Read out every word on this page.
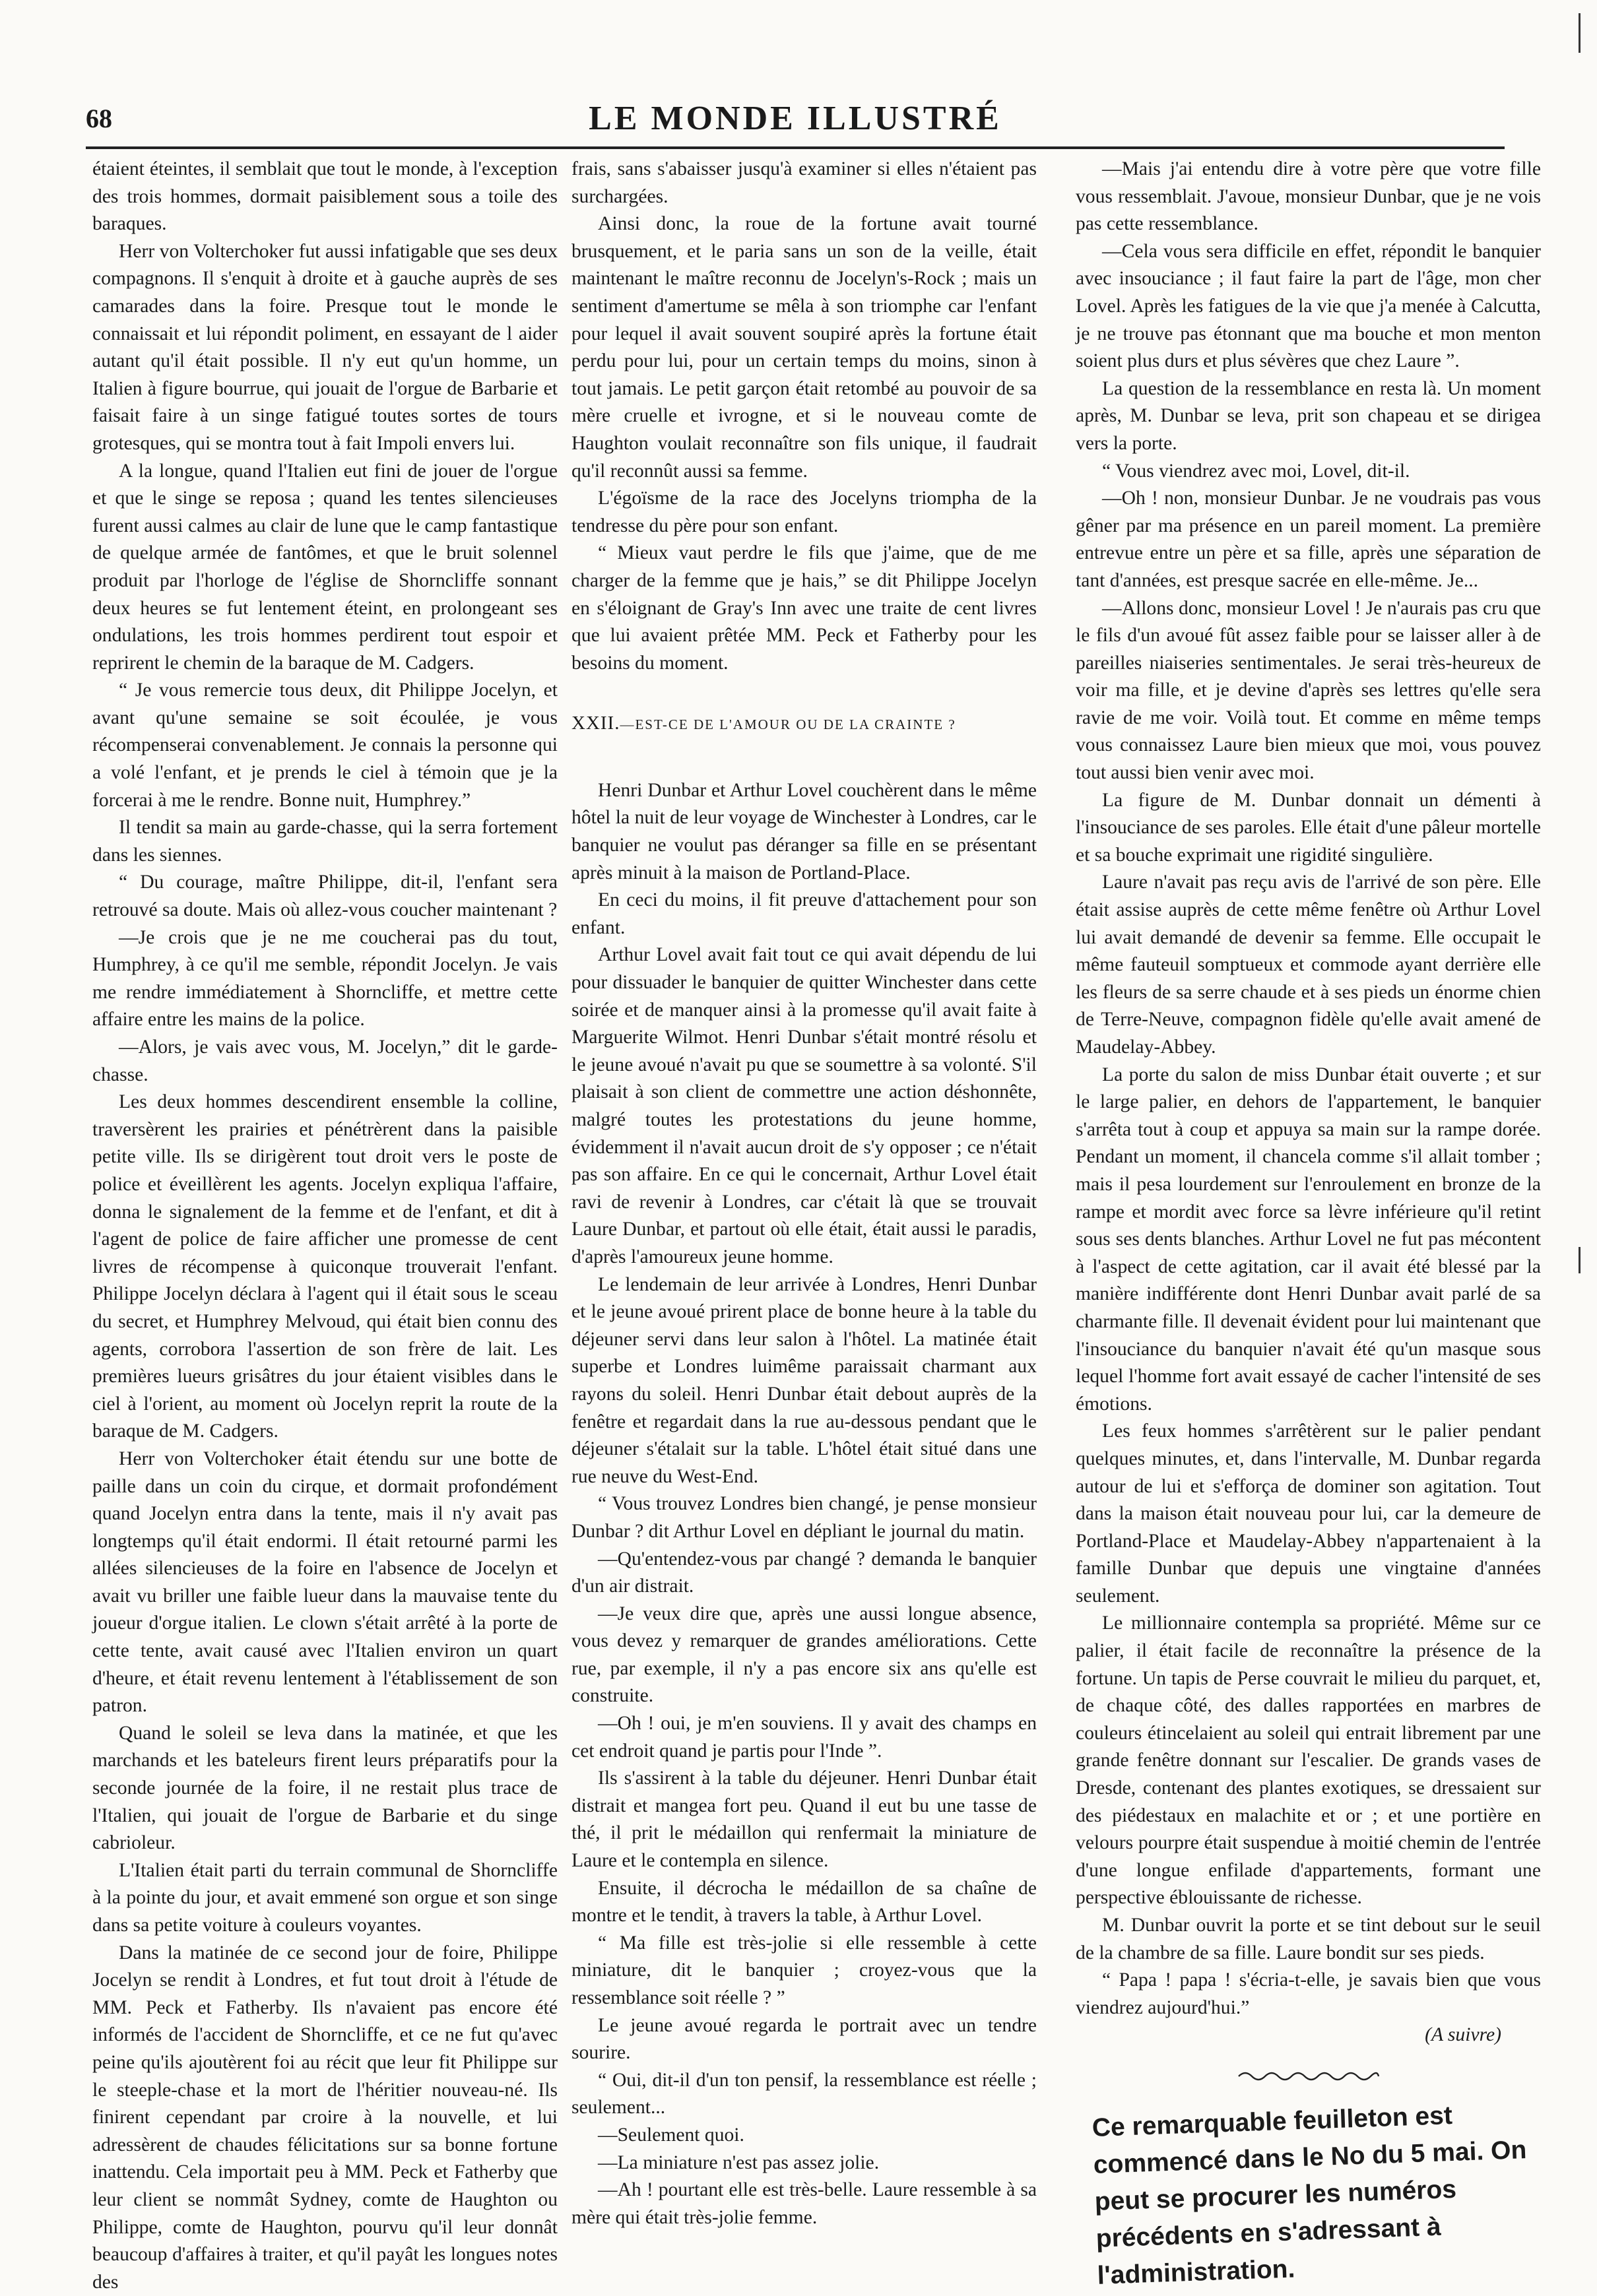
68	LE MONDE ILLUSTRÉ

étaient éteintes, il semblait que tout le monde, à l'exception des trois hommes, dormait paisiblement sous a toile des baraques.

Herr von Volterchoker fut aussi infatigable que ses deux compagnons. Il s'enquit à droite et à gauche auprès de ses camarades dans la foire. Presque tout le monde le connaissait et lui répondit poliment, en essayant de l aider autant qu'il était possible. Il n'y eut qu'un homme, un Italien à figure bourrue, qui jouait de l'orgue de Barbarie et faisait faire à un singe fatigué toutes sortes de tours grotesques, qui se montra tout à fait Impoli envers lui.

A la longue, quand l'Italien eut fini de jouer de l'orgue et que le singe se reposa ; quand les tentes silencieuses furent aussi calmes au clair de lune que le camp fantastique de quelque armée de fantômes, et que le bruit solennel produit par l'horloge de l'église de Shorncliffe sonnant deux heures se fut lentement éteint, en prolongeant ses ondulations, les trois hommes perdirent tout espoir et reprirent le chemin de la baraque de M. Cadgers.

“ Je vous remercie tous deux, dit Philippe Jocelyn, et avant qu'une semaine se soit écoulée, je vous récompenserai convenablement. Je connais la personne qui a volé l'enfant, et je prends le ciel à témoin que je la forcerai à me le rendre. Bonne nuit, Humphrey.”

Il tendit sa main au garde-chasse, qui la serra fortement dans les siennes.

“ Du courage, maître Philippe, dit-il, l'enfant sera retrouvé sa doute. Mais où allez-vous coucher maintenant ?

—Je crois que je ne me coucherai pas du tout, Humphrey, à ce qu'il me semble, répondit Jocelyn. Je vais me rendre immédiatement à Shorncliffe, et mettre cette affaire entre les mains de la police.

—Alors, je vais avec vous, M. Jocelyn,” dit le garde-chasse.

Les deux hommes descendirent ensemble la colline, traversèrent les prairies et pénétrèrent dans la paisible petite ville. Ils se dirigèrent tout droit vers le poste de police et éveillèrent les agents. Jocelyn expliqua l'affaire, donna le signalement de la femme et de l'enfant, et dit à l'agent de police de faire afficher une promesse de cent livres de récompense à quiconque trouverait l'enfant. Philippe Jocelyn déclara à l'agent qui il était sous le sceau du secret, et Humphrey Melvoud, qui était bien connu des agents, corrobora l'assertion de son frère de lait. Les premières lueurs grisâtres du jour étaient visibles dans le ciel à l'orient, au moment où Jocelyn reprit la route de la baraque de M. Cadgers.

Herr von Volterchoker était étendu sur une botte de paille dans un coin du cirque, et dormait profondément quand Jocelyn entra dans la tente, mais il n'y avait pas longtemps qu'il était endormi. Il était retourné parmi les allées silencieuses de la foire en l'absence de Jocelyn et avait vu briller une faible lueur dans la mauvaise tente du joueur d'orgue italien. Le clown s'était arrêté à la porte de cette tente, avait causé avec l'Italien environ un quart d'heure, et était revenu lentement à l'établissement de son patron.

Quand le soleil se leva dans la matinée, et que les marchands et les bateleurs firent leurs préparatifs pour la seconde journée de la foire, il ne restait plus trace de l'Italien, qui jouait de l'orgue de Barbarie et du singe cabrioleur.

L'Italien était parti du terrain communal de Shorncliffe à la pointe du jour, et avait emmené son orgue et son singe dans sa petite voiture à couleurs voyantes.

Dans la matinée de ce second jour de foire, Philippe Jocelyn se rendit à Londres, et fut tout droit à l'étude de MM. Peck et Fatherby. Ils n'avaient pas encore été informés de l'accident de Shorncliffe, et ce ne fut qu'avec peine qu'ils ajoutèrent foi au récit que leur fit Philippe sur le steeple-chase et la mort de l'héritier nouveau-né. Ils finirent cependant par croire à la nouvelle, et lui adressèrent de chaudes félicitations sur sa bonne fortune inattendu. Cela importait peu à MM. Peck et Fatherby que leur client se nommât Sydney, comte de Haughton ou Philippe, comte de Haughton, pourvu qu'il leur donnât beaucoup d'affaires à traiter, et qu'il payât les longues notes des

frais, sans s'abaisser jusqu'à examiner si elles n'étaient pas surchargées.

Ainsi donc, la roue de la fortune avait tourné brusquement, et le paria sans un son de la veille, était maintenant le maître reconnu de Jocelyn's-Rock ; mais un sentiment d'amertume se mêla à son triomphe car l'enfant pour lequel il avait souvent soupiré après la fortune était perdu pour lui, pour un certain temps du moins, sinon à tout jamais. Le petit garçon était retombé au pouvoir de sa mère cruelle et ivrogne, et si le nouveau comte de Haughton voulait reconnaître son fils unique, il faudrait qu'il reconnût aussi sa femme.

L'égoïsme de la race des Jocelyns triompha de la tendresse du père pour son enfant.

“ Mieux vaut perdre le fils que j'aime, que de me charger de la femme que je hais,” se dit Philippe Jocelyn en s'éloignant de Gray's Inn avec une traite de cent livres que lui avaient prêtée MM. Peck et Fatherby pour les besoins du moment.

XXII.—EST-CE DE L'AMOUR OU DE LA CRAINTE ?

Henri Dunbar et Arthur Lovel couchèrent dans le même hôtel la nuit de leur voyage de Winchester à Londres, car le banquier ne voulut pas déranger sa fille en se présentant après minuit à la maison de Portland-Place.

En ceci du moins, il fit preuve d'attachement pour son enfant.

Arthur Lovel avait fait tout ce qui avait dépendu de lui pour dissuader le banquier de quitter Winchester dans cette soirée et de manquer ainsi à la promesse qu'il avait faite à Marguerite Wilmot. Henri Dunbar s'était montré résolu et le jeune avoué n'avait pu que se soumettre à sa volonté. S'il plaisait à son client de commettre une action déshonnête, malgré toutes les protestations du jeune homme, évidemment il n'avait aucun droit de s'y opposer ; ce n'était pas son affaire. En ce qui le concernait, Arthur Lovel était ravi de revenir à Londres, car c'était là que se trouvait Laure Dunbar, et partout où elle était, était aussi le paradis, d'après l'amoureux jeune homme.

Le lendemain de leur arrivée à Londres, Henri Dunbar et le jeune avoué prirent place de bonne heure à la table du déjeuner servi dans leur salon à l'hôtel. La matinée était superbe et Londres luimême paraissait charmant aux rayons du soleil. Henri Dunbar était debout auprès de la fenêtre et regardait dans la rue au-dessous pendant que le déjeuner s'étalait sur la table. L'hôtel était situé dans une rue neuve du West-End.

“ Vous trouvez Londres bien changé, je pense monsieur Dunbar ? dit Arthur Lovel en dépliant le journal du matin.

—Qu'entendez-vous par changé ? demanda le banquier d'un air distrait.

—Je veux dire que, après une aussi longue absence, vous devez y remarquer de grandes améliorations. Cette rue, par exemple, il n'y a pas encore six ans qu'elle est construite.

—Oh ! oui, je m'en souviens. Il y avait des champs en cet endroit quand je partis pour l'Inde ”.

Ils s'assirent à la table du déjeuner. Henri Dunbar était distrait et mangea fort peu. Quand il eut bu une tasse de thé, il prit le médaillon qui renfermait la miniature de Laure et le contempla en silence.

Ensuite, il décrocha le médaillon de sa chaîne de montre et le tendit, à travers la table, à Arthur Lovel.

“ Ma fille est très-jolie si elle ressemble à cette miniature, dit le banquier ; croyez-vous que la ressemblance soit réelle ? ”

Le jeune avoué regarda le portrait avec un tendre sourire.

“ Oui, dit-il d'un ton pensif, la ressemblance est réelle ; seulement...

—Seulement quoi.

—La miniature n'est pas assez jolie.

—Ah ! pourtant elle est très-belle. Laure ressemble à sa mère qui était très-jolie femme.

—Mais j'ai entendu dire à votre père que votre fille vous ressemblait. J'avoue, monsieur Dunbar, que je ne vois pas cette ressemblance.

—Cela vous sera difficile en effet, répondit le banquier avec insouciance ; il faut faire la part de l'âge, mon cher Lovel. Après les fatigues de la vie que j'a menée à Calcutta, je ne trouve pas étonnant que ma bouche et mon menton soient plus durs et plus sévères que chez Laure ”.

La question de la ressemblance en resta là. Un moment après, M. Dunbar se leva, prit son chapeau et se dirigea vers la porte.

“ Vous viendrez avec moi, Lovel, dit-il.

—Oh ! non, monsieur Dunbar. Je ne voudrais pas vous gêner par ma présence en un pareil moment. La première entrevue entre un père et sa fille, après une séparation de tant d'années, est presque sacrée en elle-même. Je...

—Allons donc, monsieur Lovel ! Je n'aurais pas cru que le fils d'un avoué fût assez faible pour se laisser aller à de pareilles niaiseries sentimentales. Je serai très-heureux de voir ma fille, et je devine d'après ses lettres qu'elle sera ravie de me voir. Voilà tout. Et comme en même temps vous connaissez Laure bien mieux que moi, vous pouvez tout aussi bien venir avec moi.

La figure de M. Dunbar donnait un démenti à l'insouciance de ses paroles. Elle était d'une pâleur mortelle et sa bouche exprimait une rigidité singulière.

Laure n'avait pas reçu avis de l'arrivé de son père. Elle était assise auprès de cette même fenêtre où Arthur Lovel lui avait demandé de devenir sa femme. Elle occupait le même fauteuil somptueux et commode ayant derrière elle les fleurs de sa serre chaude et à ses pieds un énorme chien de Terre-Neuve, compagnon fidèle qu'elle avait amené de Maudelay-Abbey.

La porte du salon de miss Dunbar était ouverte ; et sur le large palier, en dehors de l'appartement, le banquier s'arrêta tout à coup et appuya sa main sur la rampe dorée. Pendant un moment, il chancela comme s'il allait tomber ; mais il pesa lourdement sur l'enroulement en bronze de la rampe et mordit avec force sa lèvre inférieure qu'il retint sous ses dents blanches. Arthur Lovel ne fut pas mécontent à l'aspect de cette agitation, car il avait été blessé par la manière indifférente dont Henri Dunbar avait parlé de sa charmante fille. Il devenait évident pour lui maintenant que l'insouciance du banquier n'avait été qu'un masque sous lequel l'homme fort avait essayé de cacher l'intensité de ses émotions.

Les feux hommes s'arrêtèrent sur le palier pendant quelques minutes, et, dans l'intervalle, M. Dunbar regarda autour de lui et s'efforça de dominer son agitation. Tout dans la maison était nouveau pour lui, car la demeure de Portland-Place et Maudelay-Abbey n'appartenaient à la famille Dunbar que depuis une vingtaine d'années seulement.

Le millionnaire contempla sa propriété. Même sur ce palier, il était facile de reconnaître la présence de la fortune. Un tapis de Perse couvrait le milieu du parquet, et, de chaque côté, des dalles rapportées en marbres de couleurs étincelaient au soleil qui entrait librement par une grande fenêtre donnant sur l'escalier. De grands vases de Dresde, contenant des plantes exotiques, se dressaient sur des piédestaux en malachite et or ; et une portière en velours pourpre était suspendue à moitié chemin de l'entrée d'une longue enfilade d'appartements, formant une perspective éblouissante de richesse.

M. Dunbar ouvrit la porte et se tint debout sur le seuil de la chambre de sa fille. Laure bondit sur ses pieds.

“ Papa ! papa ! s'écria-t-elle, je savais bien que vous viendrez aujourd'hui.”

(A suivre)

Ce remarquable feuilleton est commencé dans le No du 5 mai. On peut se procurer les numéros précédents en s'adressant à l'administration.
